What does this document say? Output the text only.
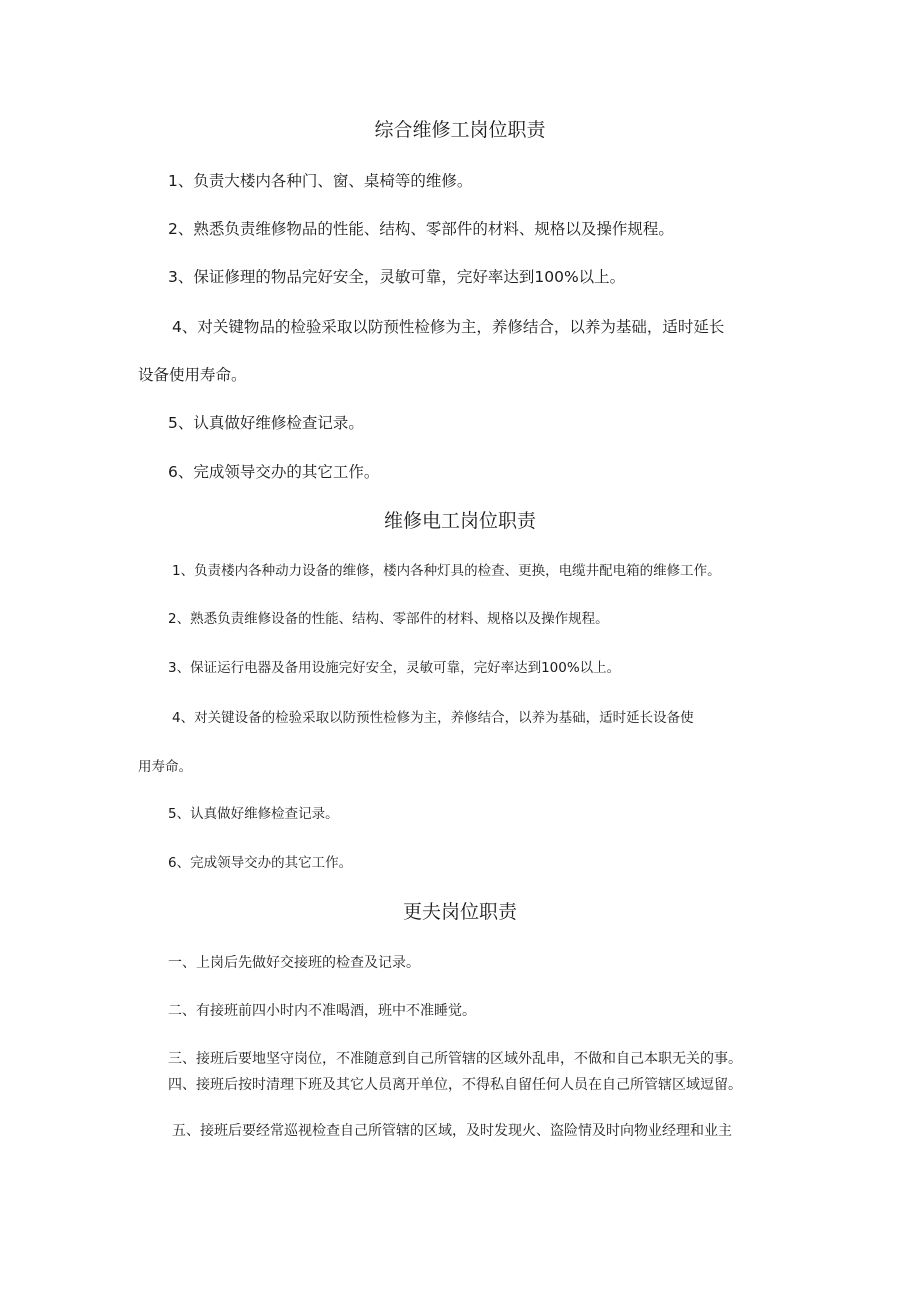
综合维修工岗位职责
1、负责大楼内各种门、窗、桌椅等的维修。
2、熟悉负责维修物品的性能、结构、零部件的材料、规格以及操作规程。
3、保证修理的物品完好安全，灵敏可靠，完好率达到100%以上。
4、对关键物品的检验采取以防预性检修为主，养修结合，以养为基础，适时延长
设备使用寿命。
5、认真做好维修检查记录。
6、完成领导交办的其它工作。
维修电工岗位职责
1、负责楼内各种动力设备的维修，楼内各种灯具的检查、更换，电缆井配电箱的维修工作。
2、熟悉负责维修设备的性能、结构、零部件的材料、规格以及操作规程。
3、保证运行电器及备用设施完好安全，灵敏可靠，完好率达到100%以上。
4、对关键设备的检验采取以防预性检修为主，养修结合，以养为基础，适时延长设备使
用寿命。
5、认真做好维修检查记录。
6、完成领导交办的其它工作。
更夫岗位职责
一、上岗后先做好交接班的检查及记录。
二、有接班前四小时内不准喝酒，班中不准睡觉。
三、接班后要地坚守岗位，不准随意到自己所管辖的区域外乱串，不做和自己本职无关的事。
四、接班后按时清理下班及其它人员离开单位，不得私自留任何人员在自己所管辖区域逗留。
五、接班后要经常巡视检查自己所管辖的区域，及时发现火、盗险情及时向物业经理和业主
